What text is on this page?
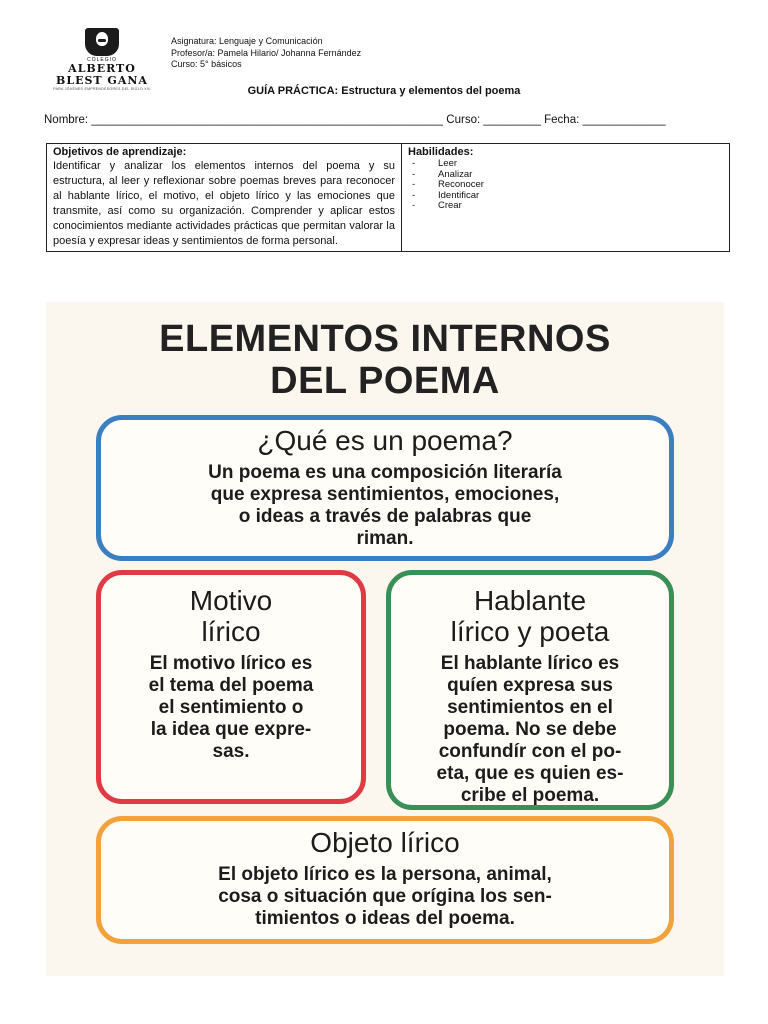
COLEGIO
ALBERTO BLEST GANA
PARA JÓVENES EMPRENDEDORES DEL SIGLO XXI
Asignatura: Lenguaje y Comunicación
Profesor/a: Pamela Hilario/ Johanna Fernández
Curso: 5° básicos
GUÍA PRÁCTICA: Estructura y elementos del poema
Nombre: _______________________________________________________ Curso: _________ Fecha: _____________
Objetivos de aprendizaje:
Identificar y analizar los elementos internos del poema y su estructura, al leer y reflexionar sobre poemas breves para reconocer al hablante lírico, el motivo, el objeto lírico y las emociones que transmite, así como su organización. Comprender y aplicar estos conocimientos mediante actividades prácticas que permitan valorar la poesía y expresar ideas y sentimientos de forma personal.

Habilidades:
- Leer
- Analizar
- Reconocer
- Identificar
- Crear
ELEMENTOS INTERNOS
DEL POEMA
¿Qué es un poema?

Un poema es una composición literaría
que expresa sentimientos, emociones,
o ideas a través de palabras que
riman.

Motivo
lírico

El motivo lírico es
el tema del poema
el sentimiento o
la idea que expre-
sas.

Hablante
lírico y poeta

El hablante lírico es
quíen expresa sus
sentimientos en el
poema. No se debe
confundír con el po-
eta, que es quien es-
cribe el poema.

Objeto lírico

El objeto lírico es la persona, animal,
cosa o situación que orígina los sen-
timientos o ideas del poema.
